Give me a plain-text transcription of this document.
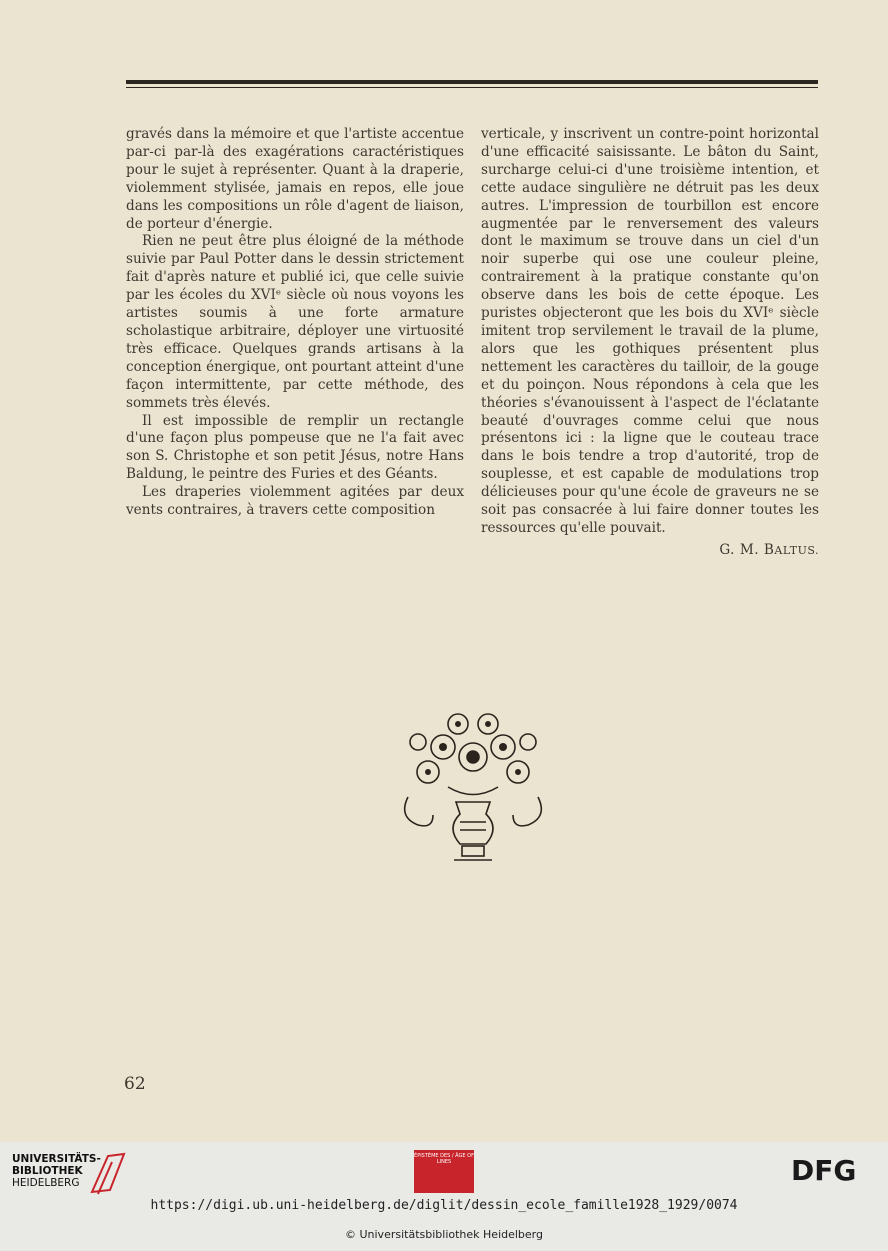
gravés dans la mémoire et que l'artiste accentue par-ci par-là des exagérations caractéristiques pour le sujet à représenter. Quant à la draperie, violemment stylisée, jamais en repos, elle joue dans les compositions un rôle d'agent de liaison, de porteur d'énergie.

Rien ne peut être plus éloigné de la méthode suivie par Paul Potter dans le dessin strictement fait d'après nature et publié ici, que celle suivie par les écoles du XVIᵉ siècle où nous voyons les artistes soumis à une forte armature scholastique arbitraire, déployer une virtuosité très efficace. Quelques grands artisans à la conception énergique, ont pourtant atteint d'une façon intermittente, par cette méthode, des sommets très élevés.

Il est impossible de remplir un rectangle d'une façon plus pompeuse que ne l'a fait avec son S. Christophe et son petit Jésus, notre Hans Baldung, le peintre des Furies et des Géants.

Les draperies violemment agitées par deux vents contraires, à travers cette composition

verticale, y inscrivent un contre-point horizontal d'une efficacité saisissante. Le bâton du Saint, surcharge celui-ci d'une troisième intention, et cette audace singulière ne détruit pas les deux autres. L'impression de tourbillon est encore augmentée par le renversement des valeurs dont le maximum se trouve dans un ciel d'un noir superbe qui ose une couleur pleine, contrairement à la pratique constante qu'on observe dans les bois de cette époque. Les puristes objecteront que les bois du XVIᵉ siècle imitent trop servilement le travail de la plume, alors que les gothiques présentent plus nettement les caractères du tailloir, de la gouge et du poinçon. Nous répondons à cela que les théories s'évanouissent à l'aspect de l'éclatante beauté d'ouvrages comme celui que nous présentons ici : la ligne que le couteau trace dans le bois tendre a trop d'autorité, trop de souplesse, et est capable de modulations trop délicieuses pour qu'une école de graveurs ne se soit pas consacrée à lui faire donner toutes les ressources qu'elle pouvait.

G. M. BALTUS.

62
UNIVERSITÄTS-
BIBLIOTHEK
HEIDELBERG
ÉPISTÈME DES / ÂGE OF LINES	DFG
https://digi.ub.uni-heidelberg.de/diglit/dessin_ecole_famille1928_1929/0074
© Universitätsbibliothek Heidelberg
